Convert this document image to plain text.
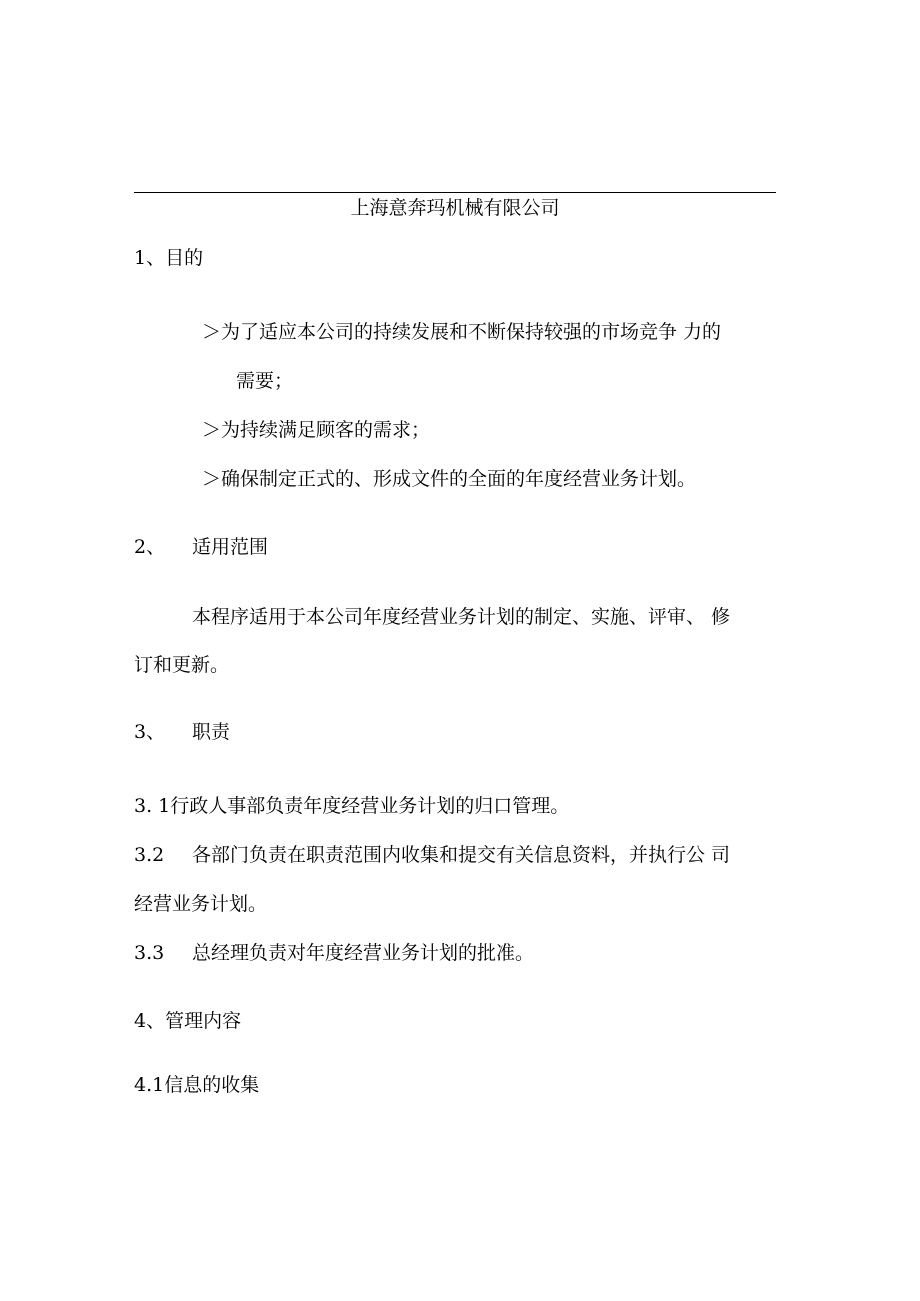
上海意奔玛机械有限公司
1、目的
＞为了适应本公司的持续发展和不断保持较强的市场竞争 力的
需要；
＞为持续满足顾客的需求；
＞确保制定正式的、形成文件的全面的年度经营业务计划。
2、 适用范围
本程序适用于本公司年度经营业务计划的制定、实施、评审、 修
订和更新。
3、 职责
3. 1行政人事部负责年度经营业务计划的归口管理。
3.2 各部门负责在职责范围内收集和提交有关信息资料，并执行公 司
经营业务计划。
3.3 总经理负责对年度经营业务计划的批准。
4、管理内容
4.1信息的收集
